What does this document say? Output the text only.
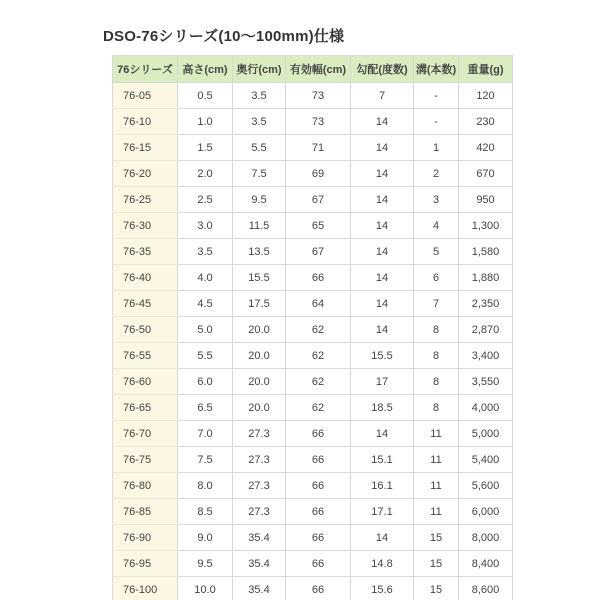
DSO-76シリーズ(10～100mm)仕様
76シリーズ	高さ(cm)	奥行(cm)	有効幅(cm)	勾配(度数)	溝(本数)	重量(g)
76-05	0.5	3.5	73	7	-	120
76-10	1.0	3.5	73	14	-	230
76-15	1.5	5.5	71	14	1	420
76-20	2.0	7.5	69	14	2	670
76-25	2.5	9.5	67	14	3	950
76-30	3.0	11.5	65	14	4	1,300
76-35	3.5	13.5	67	14	5	1,580
76-40	4.0	15.5	66	14	6	1,880
76-45	4.5	17.5	64	14	7	2,350
76-50	5.0	20.0	62	14	8	2,870
76-55	5.5	20.0	62	15.5	8	3,400
76-60	6.0	20.0	62	17	8	3,550
76-65	6.5	20.0	62	18.5	8	4,000
76-70	7.0	27.3	66	14	11	5,000
76-75	7.5	27.3	66	15.1	11	5,400
76-80	8.0	27.3	66	16.1	11	5,600
76-85	8.5	27.3	66	17.1	11	6,000
76-90	9.0	35.4	66	14	15	8,000
76-95	9.5	35.4	66	14.8	15	8,400
76-100	10.0	35.4	66	15.6	15	8,600
